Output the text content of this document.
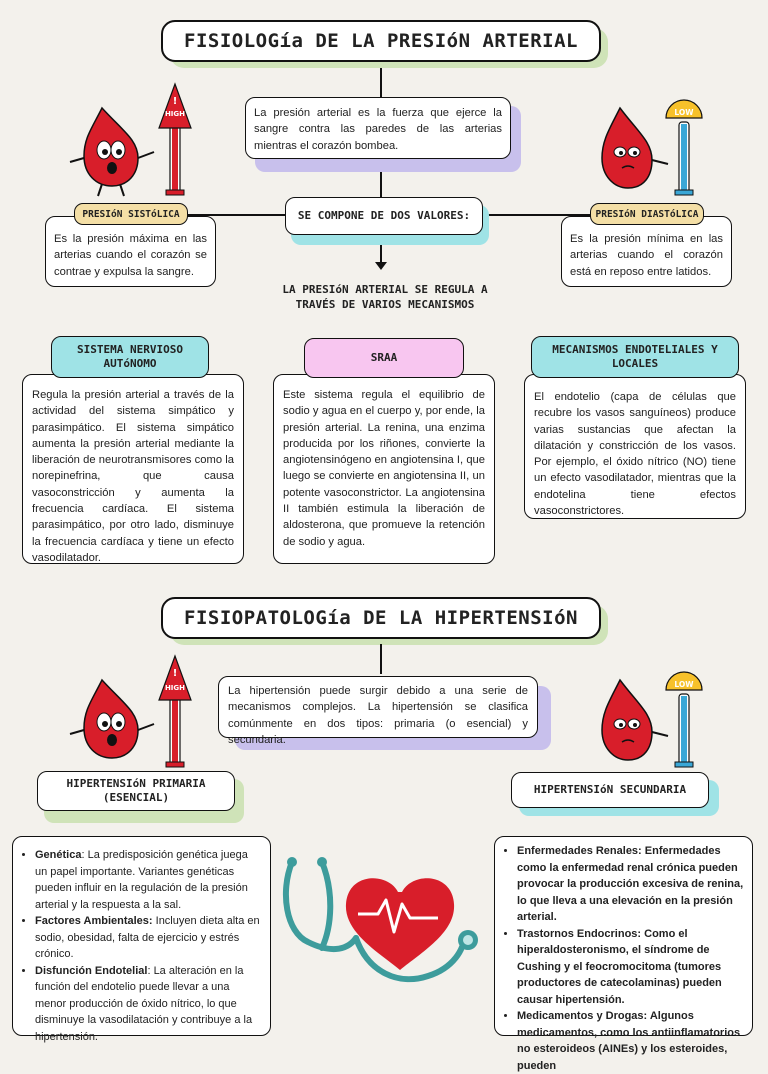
FISIOLOGía DE LA PRESIóN ARTERIAL
La presión arterial es la fuerza que ejerce la sangre contra las paredes de las arterias mientras el corazón bombea.
SE COMPONE DE DOS VALORES:
Es la presión máxima en las arterias cuando el corazón se contrae y expulsa la sangre.
PRESIóN SISTóLICA
Es la presión mínima en las arterias cuando el corazón está en reposo entre latidos.
PRESIóN DIASTóLICA
LA PRESIóN ARTERIAL SE REGULA A TRAVÉS DE VARIOS MECANISMOS
Regula la presión arterial a través de la actividad del sistema simpático y parasimpático. El sistema simpático aumenta la presión arterial mediante la liberación de neurotransmisores como la norepinefrina, que causa vasoconstricción y aumenta la frecuencia cardíaca. El sistema parasimpático, por otro lado, disminuye la frecuencia cardíaca y tiene un efecto vasodilatador.
SISTEMA NERVIOSO AUTóNOMO
Este sistema regula el equilibrio de sodio y agua en el cuerpo y, por ende, la presión arterial. La renina, una enzima producida por los riñones, convierte la angiotensinógeno en angiotensina I, que luego se convierte en angiotensina II, un potente vasoconstrictor. La angiotensina II también estimula la liberación de aldosterona, que promueve la retención de sodio y agua.
SRAA
El endotelio (capa de células que recubre los vasos sanguíneos) produce varias sustancias que afectan la dilatación y constricción de los vasos. Por ejemplo, el óxido nítrico (NO) tiene un efecto vasodilatador, mientras que la endotelina tiene efectos vasoconstrictores.
MECANISMOS ENDOTELIALES Y LOCALES
FISIOPATOLOGía DE LA HIPERTENSIóN
La hipertensión puede surgir debido a una serie de mecanismos complejos. La hipertensión se clasifica comúnmente en dos tipos: primaria (o esencial) y secundaria.
HIPERTENSIóN PRIMARIA (ESENCIAL)
HIPERTENSIóN SECUNDARIA
• Genética: La predisposición genética juega un papel importante. Variantes genéticas pueden influir en la regulación de la presión arterial y la respuesta a la sal.
• Factores Ambientales: Incluyen dieta alta en sodio, obesidad, falta de ejercicio y estrés crónico.
• Disfunción Endotelial: La alteración en la función del endotelio puede llevar a una menor producción de óxido nítrico, lo que disminuye la vasodilatación y contribuye a la hipertensión.
• Enfermedades Renales: Enfermedades como la enfermedad renal crónica pueden provocar la producción excesiva de renina, lo que lleva a una elevación en la presión arterial.
• Trastornos Endocrinos: Como el hiperaldosteronismo, el síndrome de Cushing y el feocromocitoma (tumores productores de catecolaminas) pueden causar hipertensión.
• Medicamentos y Drogas: Algunos medicamentos, como los antiinflamatorios no esteroideos (AINEs) y los esteroides, pueden
HIGH
!
LOW
HIGH
!
LOW
